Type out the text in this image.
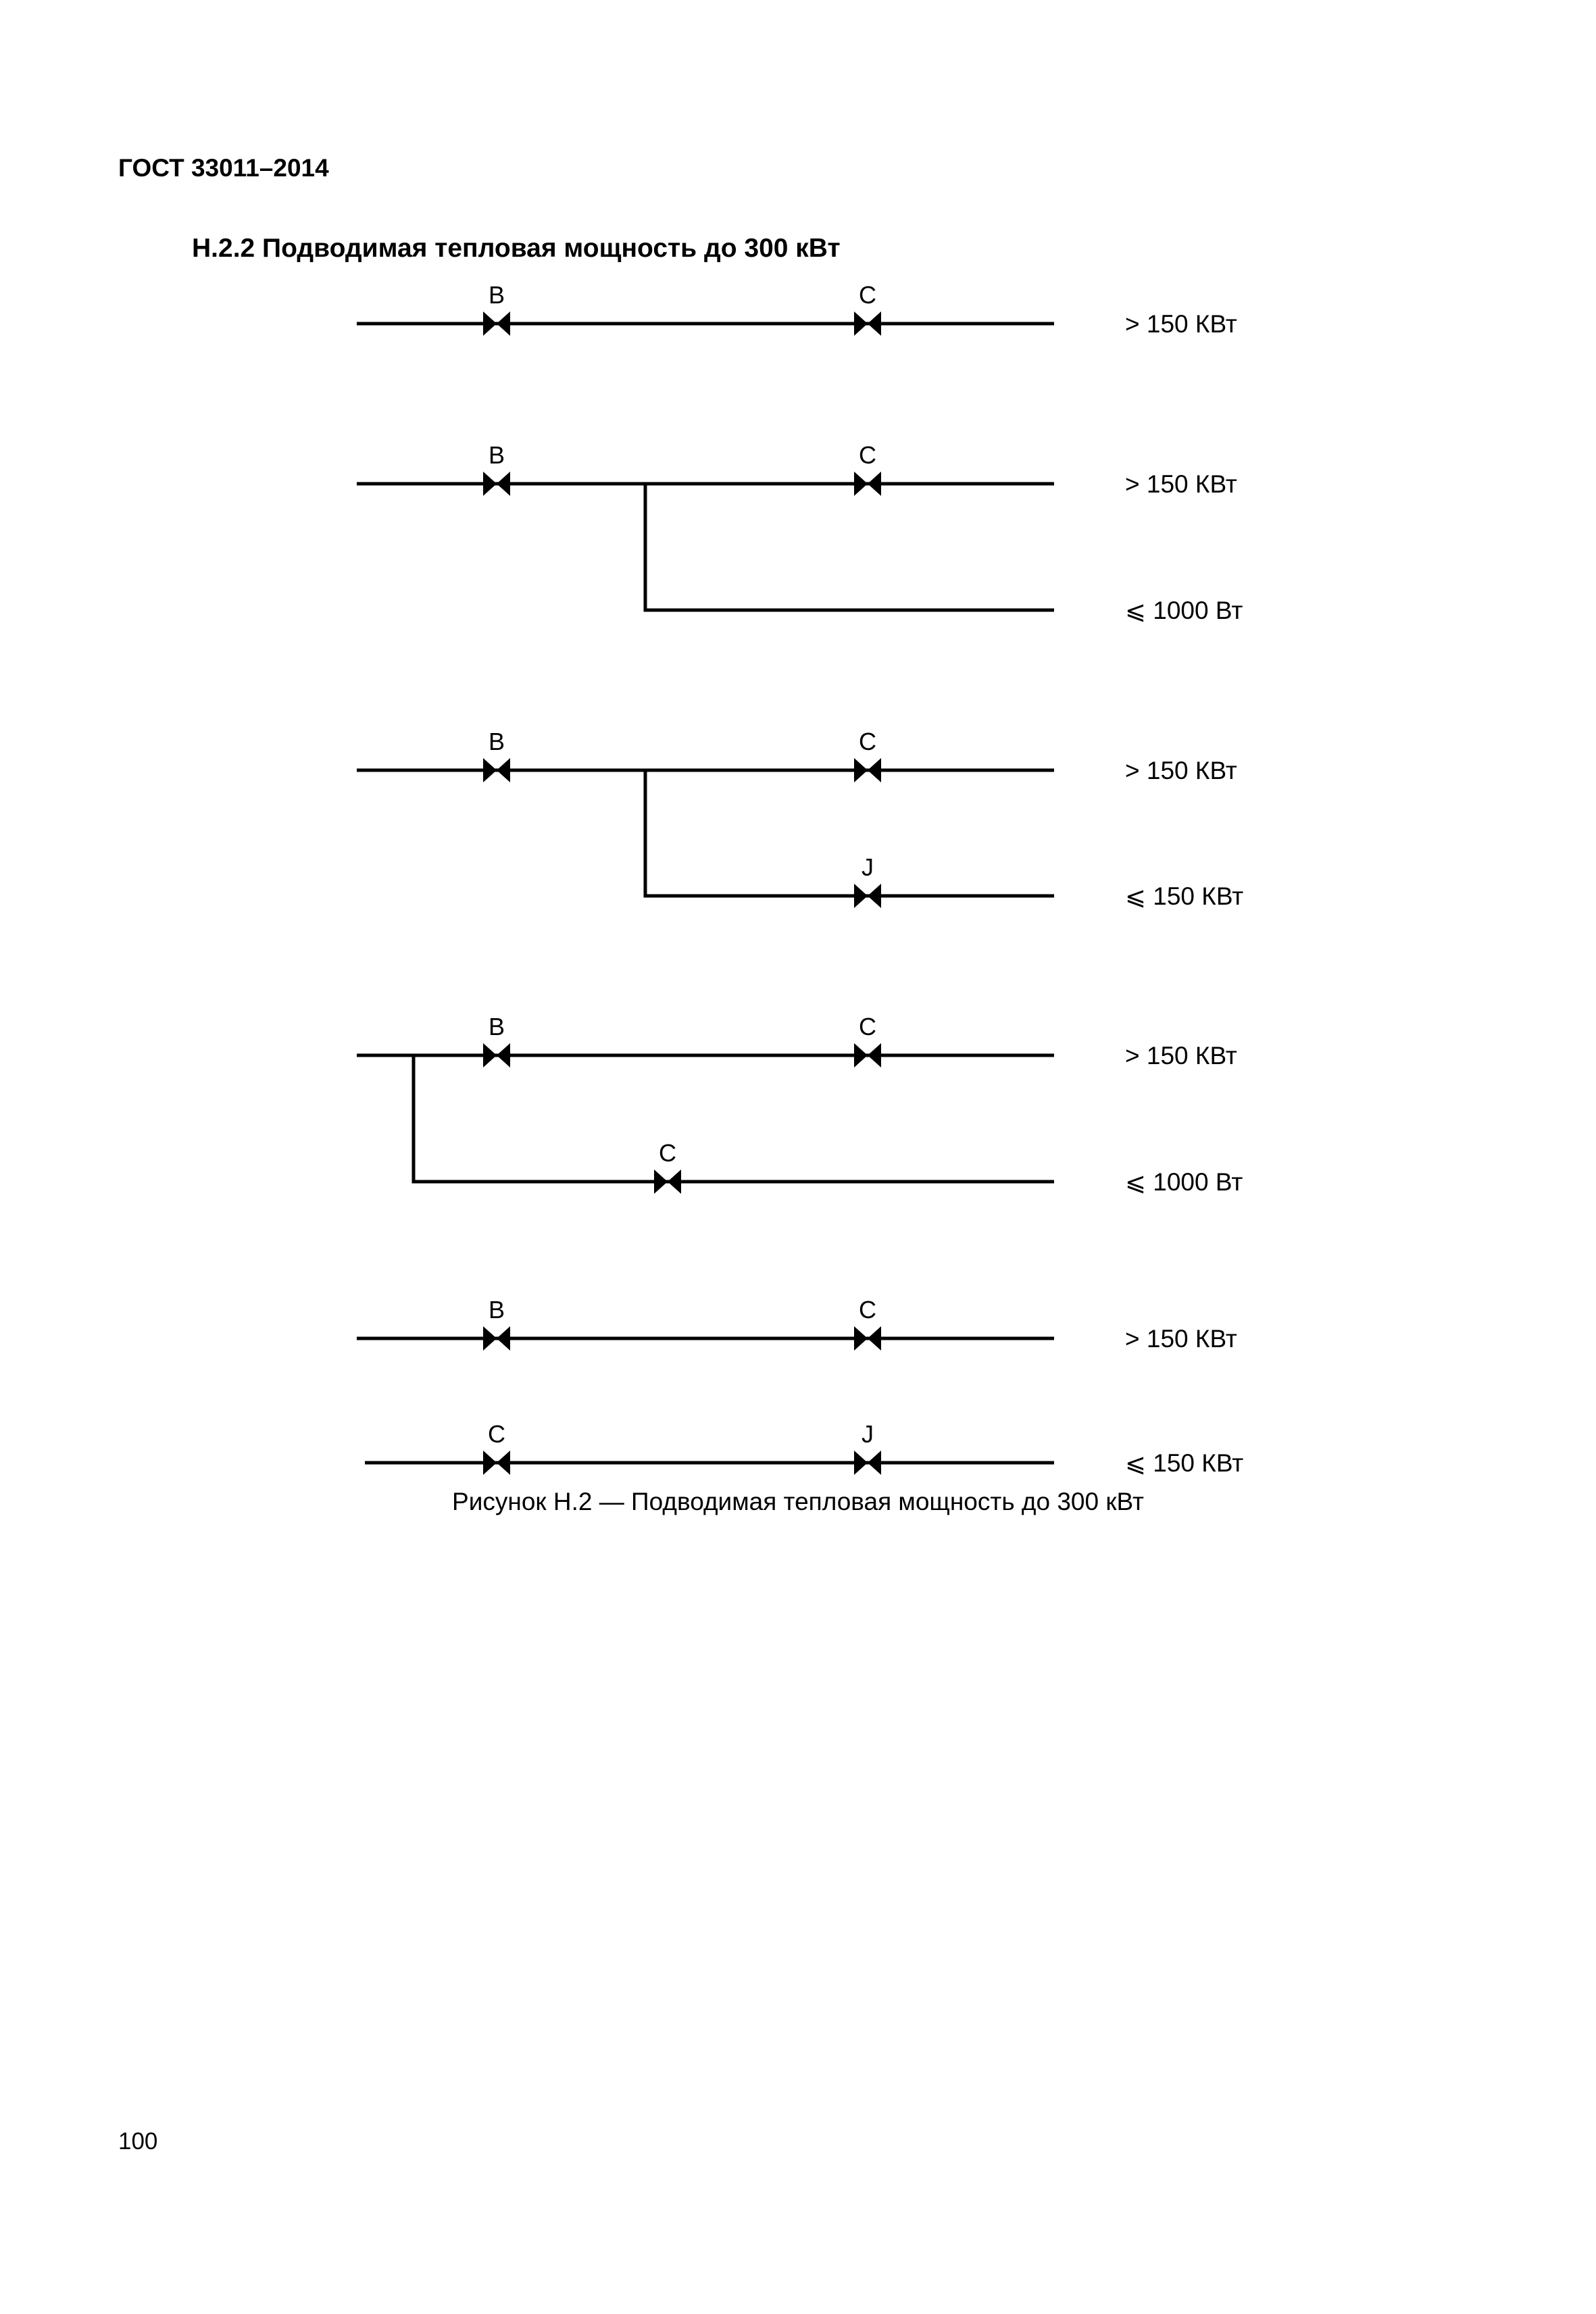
ГОСТ 33011–2014
H.2.2 Подводимая тепловая мощность до 300 кВт
B	C
> 150 КВт
B	C
> 150 КВт
⩽ 1000 Вт
B	C
> 150 КВт
J
⩽ 150 КВт
B	C
> 150 КВт
C
⩽ 1000 Вт
B	C
> 150 КВт
C	J
⩽ 150 КВт
Рисунок H.2 — Подводимая тепловая мощность до 300 кВт
100
